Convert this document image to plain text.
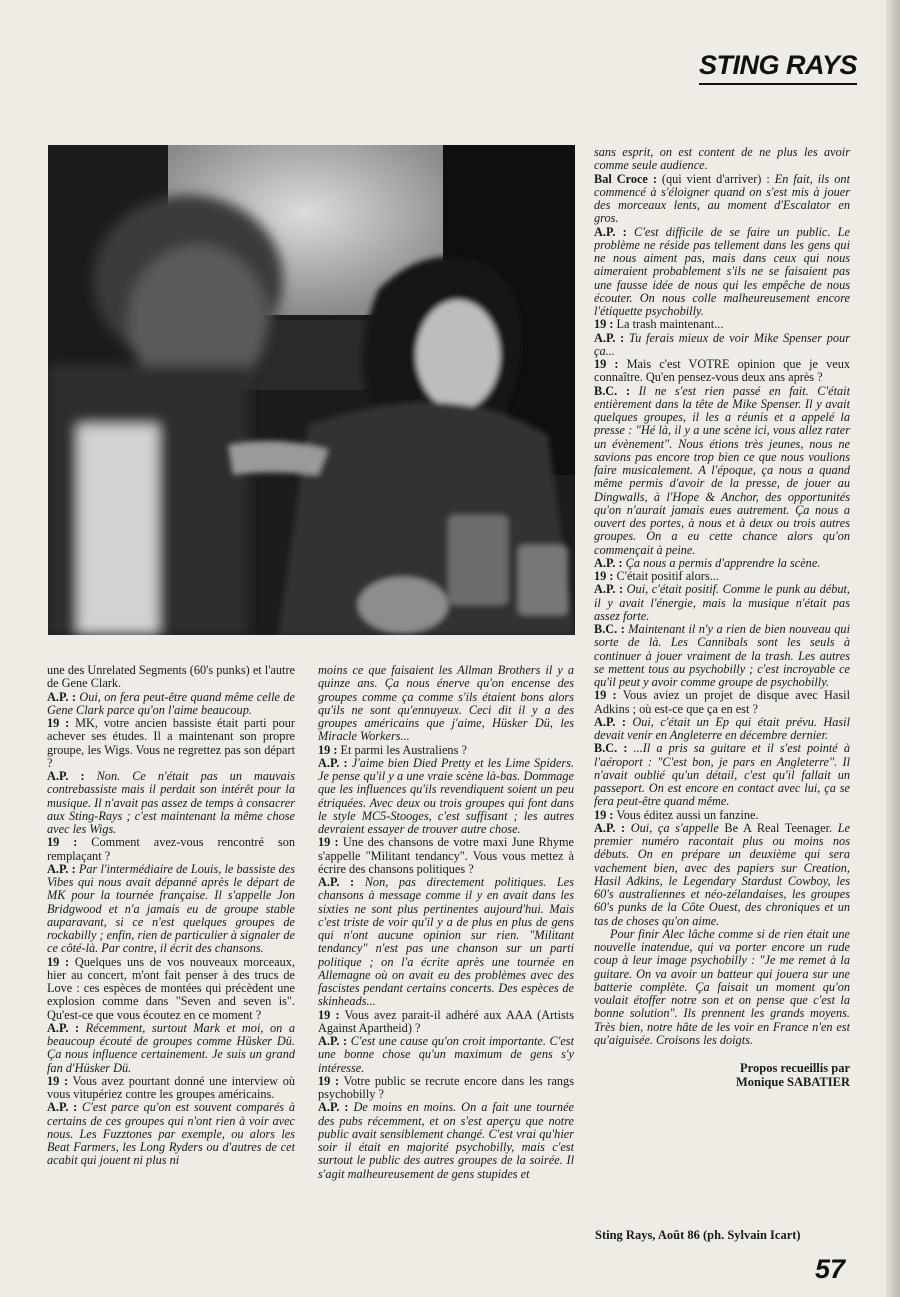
STING RAYS

une des Unrelated Segments (60's punks) et l'autre de Gene Clark.

A.P. : Oui, on fera peut-être quand même celle de Gene Clark parce qu'on l'aime beaucoup.

19 : MK, votre ancien bassiste était parti pour achever ses études. Il a maintenant son propre groupe, les Wigs. Vous ne regrettez pas son départ ?

A.P. : Non. Ce n'était pas un mauvais contrebassiste mais il perdait son intérêt pour la musique. Il n'avait pas assez de temps à consacrer aux Sting-Rays ; c'est maintenant la même chose avec les Wigs.

19 : Comment avez-vous rencontré son remplaçant ?

A.P. : Par l'intermédiaire de Louis, le bassiste des Vibes qui nous avait dépanné après le départ de MK pour la tournée française. Il s'appelle Jon Bridgwood et n'a jamais eu de groupe stable auparavant, si ce n'est quelques groupes de rockabilly ; enfin, rien de particulier à signaler de ce côté-là. Par contre, il écrit des chansons.

19 : Quelques uns de vos nouveaux morceaux, hier au concert, m'ont fait penser à des trucs de Love : ces espèces de montées qui précèdent une explosion comme dans "Seven and seven is". Qu'est-ce que vous écoutez en ce moment ?

A.P. : Récemment, surtout Mark et moi, on a beaucoup écouté de groupes comme Hüsker Dü. Ça nous influence certainement. Je suis un grand fan d'Hüsker Dü.

19 : Vous avez pourtant donné une interview où vous vitupériez contre les groupes américains.

A.P. : C'est parce qu'on est souvent comparés à certains de ces groupes qui n'ont rien à voir avec nous. Les Fuzztones par exemple, ou alors les Beat Farmers, les Long Ryders ou d'autres de cet acabit qui jouent ni plus ni

moins ce que faisaient les Allman Brothers il y a quinze ans. Ça nous énerve qu'on encense des groupes comme ça comme s'ils étaient bons alors qu'ils ne sont qu'ennuyeux. Ceci dit il y a des groupes américains que j'aime, Hüsker Dü, les Miracle Workers...

19 : Et parmi les Australiens ?

A.P. : J'aime bien Died Pretty et les Lime Spiders. Je pense qu'il y a une vraie scène là-bas. Dommage que les influences qu'ils revendiquent soient un peu étriquées. Avec deux ou trois groupes qui font dans le style MC5-Stooges, c'est suffisant ; les autres devraient essayer de trouver autre chose.

19 : Une des chansons de votre maxi June Rhyme s'appelle "Militant tendancy". Vous vous mettez à écrire des chansons politiques ?

A.P. : Non, pas directement politiques. Les chansons à message comme il y en avait dans les sixties ne sont plus pertinentes aujourd'hui. Mais c'est triste de voir qu'il y a de plus en plus de gens qui n'ont aucune opinion sur rien. "Militant tendancy" n'est pas une chanson sur un parti politique ; on l'a écrite après une tournée en Allemagne où on avait eu des problèmes avec des fascistes pendant certains concerts. Des espèces de skinheads...

19 : Vous avez parait-il adhéré aux AAA (Artists Against Apartheid) ?

A.P. : C'est une cause qu'on croit importante. C'est une bonne chose qu'un maximum de gens s'y intéresse.

19 : Votre public se recrute encore dans les rangs psychobilly ?

A.P. : De moins en moins. On a fait une tournée des pubs récemment, et on s'est aperçu que notre public avait sensiblement changé. C'est vrai qu'hier soir il était en majorité psychobilly, mais c'est surtout le public des autres groupes de la soirée. Il s'agit malheureusement de gens stupides et

sans esprit, on est content de ne plus les avoir comme seule audience.

Bal Croce : (qui vient d'arriver) : En fait, ils ont commencé à s'éloigner quand on s'est mis à jouer des morceaux lents, au moment d'Escalator en gros.

A.P. : C'est difficile de se faire un public. Le problème ne réside pas tellement dans les gens qui ne nous aiment pas, mais dans ceux qui nous aimeraient probablement s'ils ne se faisaient pas une fausse idée de nous qui les empêche de nous écouter. On nous colle malheureusement encore l'étiquette psychobilly.

19 : La trash maintenant...

A.P. : Tu ferais mieux de voir Mike Spenser pour ça...

19 : Mais c'est VOTRE opinion que je veux connaître. Qu'en pensez-vous deux ans après ?

B.C. : Il ne s'est rien passé en fait. C'était entièrement dans la tête de Mike Spenser. Il y avait quelques groupes, il les a réunis et a appelé la presse : "Hé là, il y a une scène ici, vous allez rater un évènement". Nous étions très jeunes, nous ne savions pas encore trop bien ce que nous voulions faire musicalement. A l'époque, ça nous a quand même permis d'avoir de la presse, de jouer au Dingwalls, à l'Hope & Anchor, des opportunités qu'on n'aurait jamais eues autrement. Ça nous a ouvert des portes, à nous et à deux ou trois autres groupes. On a eu cette chance alors qu'on commençait à peine.

A.P. : Ça nous a permis d'apprendre la scène.

19 : C'était positif alors...

A.P. : Oui, c'était positif. Comme le punk au début, il y avait l'énergie, mais la musique n'était pas assez forte.

B.C. : Maintenant il n'y a rien de bien nouveau qui sorte de là. Les Cannibals sont les seuls à continuer à jouer vraiment de la trash. Les autres se mettent tous au psychobilly ; c'est incroyable ce qu'il peut y avoir comme groupe de psychobilly.

19 : Vous aviez un projet de disque avec Hasil Adkins ; où est-ce que ça en est ?

A.P. : Oui, c'était un Ep qui était prévu. Hasil devait venir en Angleterre en décembre dernier.

B.C. : ...Il a pris sa guitare et il s'est pointé à l'aéroport : "C'est bon, je pars en Angleterre". Il n'avait oublié qu'un détail, c'est qu'il fallait un passeport. On est encore en contact avec lui, ça se fera peut-être quand même.

19 : Vous éditez aussi un fanzine.

A.P. : Oui, ça s'appelle Be A Real Teenager. Le premier numéro racontait plus ou moins nos débuts. On en prépare un deuxième qui sera vachement bien, avec des papiers sur Creation, Hasil Adkins, le Legendary Stardust Cowboy, les 60's australiennes et néo-zélandaises, les groupes 60's punks de la Côte Ouest, des chroniques et un tas de choses qu'on aime.

Pour finir Alec lâche comme si de rien était une nouvelle inatendue, qui va porter encore un rude coup à leur image psychobilly : "Je me remet à la guitare. On va avoir un batteur qui jouera sur une batterie complète. Ça faisait un moment qu'on voulait étoffer notre son et on pense que c'est la bonne solution". Ils prennent les grands moyens. Très bien, notre hâte de les voir en France n'en est qu'aiguisée. Croisons les doigts.

Propos recueillis par
Monique SABATIER

Sting Rays, Août 86 (ph. Sylvain Icart)
57
